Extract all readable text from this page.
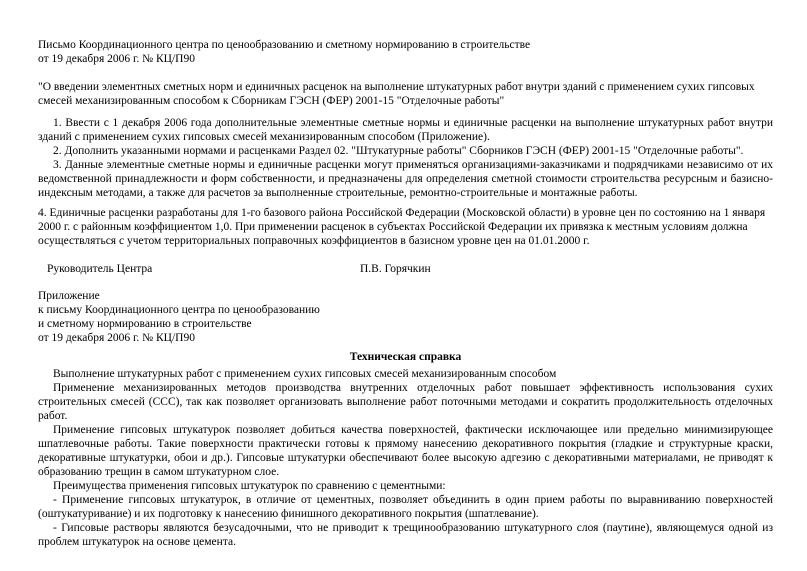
Письмо Координационного центра по ценообразованию и сметному нормированию в строительстве

от 19 декабря 2006 г. № КЦ/П90

"О введении элементных сметных норм и единичных расценок на выполнение штукатурных работ внутри зданий с применением сухих гипсовых смесей механизированным способом к Сборникам ГЭСН (ФЕР) 2001-15 "Отделочные работы"

1. Ввести с 1 декабря 2006 года дополнительные элементные сметные нормы и единичные расценки на выполнение штукатурных работ внутри зданий с применением сухих гипсовых смесей механизированным способом (Приложение).

2. Дополнить указанными нормами и расценками Раздел 02. "Штукатурные работы" Сборников ГЭСН (ФЕР) 2001-15 "Отделочные работы".

3. Данные элементные сметные нормы и единичные расценки могут применяться организациями-заказчиками и подрядчиками независимо от их ведомственной принадлежности и форм собственности, и предназначены для определения сметной стоимости строительства ресурсным и базисно-индексным методами, а также для расчетов за выполненные строительные, ремонтно-строительные и монтажные работы.

4. Единичные расценки разработаны для 1-го базового района Российской Федерации (Московской области) в уровне цен по состоянию на 1 января 2000 г. с районным коэффициентом 1,0. При применении расценок в субъектах Российской Федерации их привязка к местным условиям должна осуществляться с учетом территориальных поправочных коэффициентов в базисном уровне цен на 01.01.2000 г.

Руководитель Центра	П.В. Горячкин

Приложение

к письму Координационного центра по ценообразованию

и сметному нормированию в строительстве

от 19 декабря 2006 г. № КЦ/П90

Техническая справка

Выполнение штукатурных работ с применением сухих гипсовых смесей механизированным способом

Применение механизированных методов производства внутренних отделочных работ повышает эффективность использования сухих строительных смесей (ССС), так как позволяет организовать выполнение работ поточными методами и сократить продолжительность отделочных работ.

Применение гипсовых штукатурок позволяет добиться качества поверхностей, фактически исключающее или предельно минимизирующее шпатлевочные работы. Такие поверхности практически готовы к прямому нанесению декоративного покрытия (гладкие и структурные краски, декоративные штукатурки, обои и др.). Гипсовые штукатурки обеспечивают более высокую адгезию с декоративными материалами, не приводят к образованию трещин в самом штукатурном слое.

Преимущества применения гипсовых штукатурок по сравнению с цементными:

- Применение гипсовых штукатурок, в отличие от цементных, позволяет объединить в один прием работы по выравниванию поверхностей (оштукатуривание) и их подготовку к нанесению финишного декоративного покрытия (шпатлевание).

- Гипсовые растворы являются безусадочными, что не приводит к трещинообразованию штукатурного слоя (паутине), являющемуся одной из проблем штукатурок на основе цемента.
